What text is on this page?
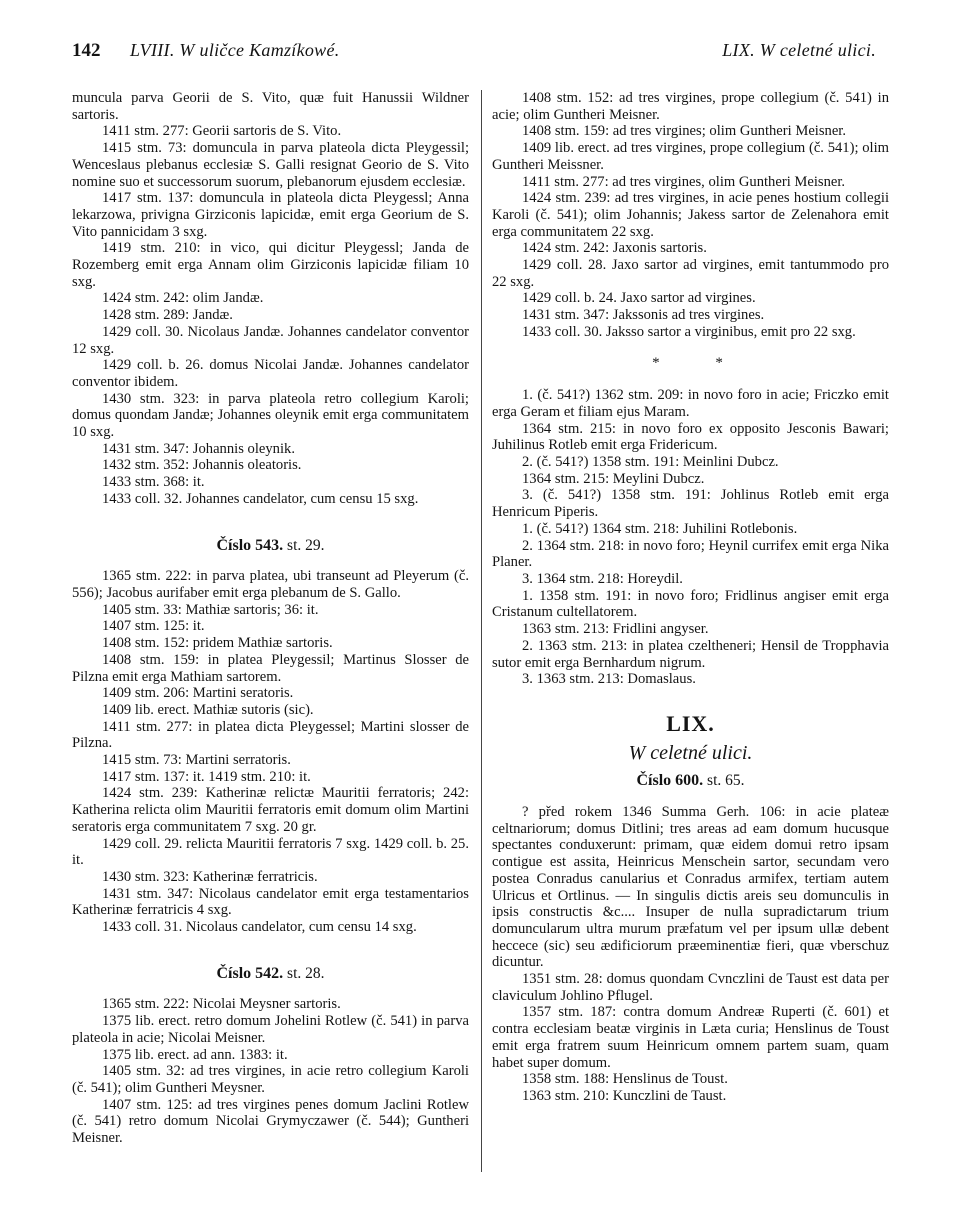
142 LVIII. W uličce Kamzíkowé.	LIX. W celetné ulici.

muncula parva Georii de S. Vito, quæ fuit Hanussii Wildner sartoris.

1411 stm. 277: Georii sartoris de S. Vito.

1415 stm. 73: domuncula in parva plateola dicta Pleygessil; Wenceslaus plebanus ecclesiæ S. Galli resignat Georio de S. Vito nomine suo et successorum suorum, plebanorum ejusdem ecclesiæ.

1417 stm. 137: domuncula in plateola dicta Pleygessl; Anna lekarzowa, privigna Girziconis lapicidæ, emit erga Georium de S. Vito pannicidam 3 sxg.

1419 stm. 210: in vico, qui dicitur Pleygessl; Janda de Rozemberg emit erga Annam olim Girziconis lapicidæ filiam 10 sxg.

1424 stm. 242: olim Jandæ.

1428 stm. 289: Jandæ.

1429 coll. 30. Nicolaus Jandæ. Johannes candelator conventor 12 sxg.

1429 coll. b. 26. domus Nicolai Jandæ. Johannes candelator conventor ibidem.

1430 stm. 323: in parva plateola retro collegium Karoli; domus quondam Jandæ; Johannes oleynik emit erga communitatem 10 sxg.

1431 stm. 347: Johannis oleynik.

1432 stm. 352: Johannis oleatoris.

1433 stm. 368: it.

1433 coll. 32. Johannes candelator, cum censu 15 sxg.

Číslo 543. st. 29.

1365 stm. 222: in parva platea, ubi transeunt ad Pleyerum (č. 556); Jacobus aurifaber emit erga plebanum de S. Gallo.

1405 stm. 33: Mathiæ sartoris; 36: it.

1407 stm. 125: it.

1408 stm. 152: pridem Mathiæ sartoris.

1408 stm. 159: in platea Pleygessil; Martinus Slosser de Pilzna emit erga Mathiam sartorem.

1409 stm. 206: Martini seratoris.

1409 lib. erect. Mathiæ sutoris (sic).

1411 stm. 277: in platea dicta Pleygessel; Martini slosser de Pilzna.

1415 stm. 73: Martini serratoris.

1417 stm. 137: it. 1419 stm. 210: it.

1424 stm. 239: Katherinæ relictæ Mauritii ferratoris; 242: Katherina relicta olim Mauritii ferratoris emit domum olim Martini seratoris erga communitatem 7 sxg. 20 gr.

1429 coll. 29. relicta Mauritii ferratoris 7 sxg. 1429 coll. b. 25. it.

1430 stm. 323: Katherinæ ferratricis.

1431 stm. 347: Nicolaus candelator emit erga testamentarios Katherinæ ferratricis 4 sxg.

1433 coll. 31. Nicolaus candelator, cum censu 14 sxg.

Číslo 542. st. 28.

1365 stm. 222: Nicolai Meysner sartoris.

1375 lib. erect. retro domum Johelini Rotlew (č. 541) in parva plateola in acie; Nicolai Meisner.

1375 lib. erect. ad ann. 1383: it.

1405 stm. 32: ad tres virgines, in acie retro collegium Karoli (č. 541); olim Guntheri Meysner.

1407 stm. 125: ad tres virgines penes domum Jaclini Rotlew (č. 541) retro domum Nicolai Grymyczawer (č. 544); Guntheri Meisner.

1408 stm. 152: ad tres virgines, prope collegium (č. 541) in acie; olim Guntheri Meisner.

1408 stm. 159: ad tres virgines; olim Guntheri Meisner.

1409 lib. erect. ad tres virgines, prope collegium (č. 541); olim Guntheri Meissner.

1411 stm. 277: ad tres virgines, olim Guntheri Meisner.

1424 stm. 239: ad tres virgines, in acie penes hostium collegii Karoli (č. 541); olim Johannis; Jakess sartor de Zelenahora emit erga communitatem 22 sxg.

1424 stm. 242: Jaxonis sartoris.

1429 coll. 28. Jaxo sartor ad virgines, emit tantummodo pro 22 sxg.

1429 coll. b. 24. Jaxo sartor ad virgines.

1431 stm. 347: Jakssonis ad tres virgines.

1433 coll. 30. Jaksso sartor a virginibus, emit pro 22 sxg.

* *

1. (č. 541?) 1362 stm. 209: in novo foro in acie; Friczko emit erga Geram et filiam ejus Maram.

1364 stm. 215: in novo foro ex opposito Jesconis Bawari; Juhilinus Rotleb emit erga Fridericum.

2. (č. 541?) 1358 stm. 191: Meinlini Dubcz.

1364 stm. 215: Meylini Dubcz.

3. (č. 541?) 1358 stm. 191: Johlinus Rotleb emit erga Henricum Piperis.

1. (č. 541?) 1364 stm. 218: Juhilini Rotlebonis.

2. 1364 stm. 218: in novo foro; Heynil currifex emit erga Nika Planer.

3. 1364 stm. 218: Horeydil.

1. 1358 stm. 191: in novo foro; Fridlinus angiser emit erga Cristanum cultellatorem.

1363 stm. 213: Fridlini angyser.

2. 1363 stm. 213: in platea czeltheneri; Hensil de Tropphavia sutor emit erga Bernhardum nigrum.

3. 1363 stm. 213: Domaslaus.

LIX.
W celetné ulici.
Číslo 600. st. 65.

? před rokem 1346 Summa Gerh. 106: in acie plateæ celtnariorum; domus Ditlini; tres areas ad eam domum hucusque spectantes conduxerunt: primam, quæ eidem domui retro ipsam contigue est assita, Heinricus Menschein sartor, secundam vero postea Conradus canularius et Conradus armifex, tertiam autem Ulricus et Ortlinus. — In singulis dictis areis seu domunculis in ipsis constructis &c.... Insuper de nulla supradictarum trium domuncularum ultra murum præfatum vel per ipsum ullæ debent heccece (sic) seu ædificiorum præeminentiæ fieri, quæ vberschuz dicuntur.

1351 stm. 28: domus quondam Cvnczlini de Taust est data per claviculum Johlino Pflugel.

1357 stm. 187: contra domum Andreæ Ruperti (č. 601) et contra ecclesiam beatæ virginis in Læta curia; Henslinus de Toust emit erga fratrem suum Heinricum omnem partem suam, quam habet super domum.

1358 stm. 188: Henslinus de Toust.

1363 stm. 210: Kunczlini de Taust.
